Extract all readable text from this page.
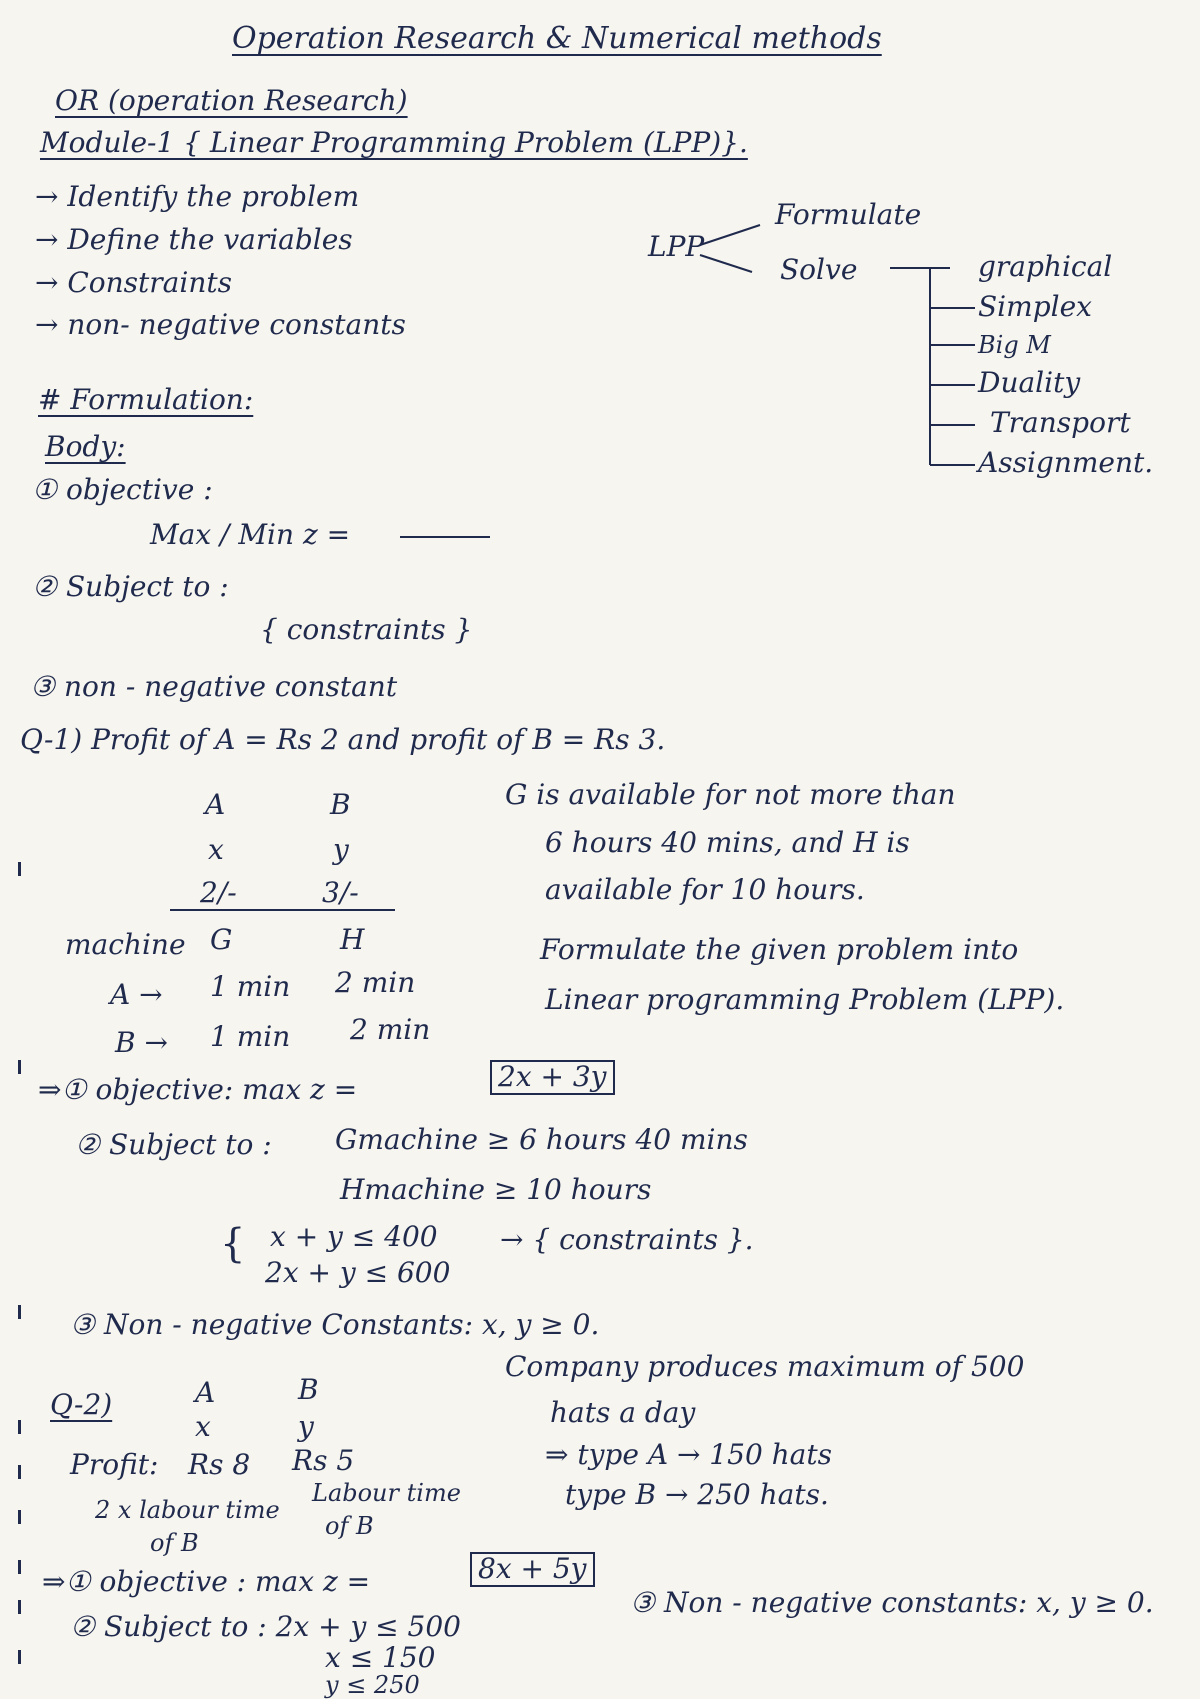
Operation Research & Numerical methods
OR (operation Research)
Module-1 { Linear Programming Problem (LPP)}.
→ Identify the problem
→ Define the variables
→ Constraints
→ non- negative constants
LPP
Formulate
Solve	graphical
Simplex
Big M
Duality
Transport
Assignment.
# Formulation:
Body:
① objective :
Max / Min z =
② Subject to :
{ constraints }
③ non - negative constant
Q-1) Profit of A = Rs 2 and profit of B = Rs 3.
A	B
x	y
2/-	3/-
machine G	H
A → 1 min 2 min
B → 1 min 2 min
G is available for not more than
6 hours 40 mins, and H is
available for 10 hours.
Formulate the given problem into
Linear programming Problem (LPP).
⇒① objective: max z =	2x + 3y
② Subject to : Gmachine ≥ 6 hours 40 mins
Hmachine ≥ 10 hours
{ x + y ≤ 400
2x + y ≤ 600
→ { constraints }.
③ Non - negative Constants: x, y ≥ 0.
Q-2)	A	B
x	y
Profit: Rs 8 Rs 5
2 x labour time
of B
Labour time
of B
Company produces maximum of 500
hats a day
⇒ type A → 150 hats
type B → 250 hats.
⇒① objective : max z =	8x + 5y
② Subject to : 2x + y ≤ 500
x ≤ 150
y ≤ 250
③ Non - negative constants: x, y ≥ 0.
